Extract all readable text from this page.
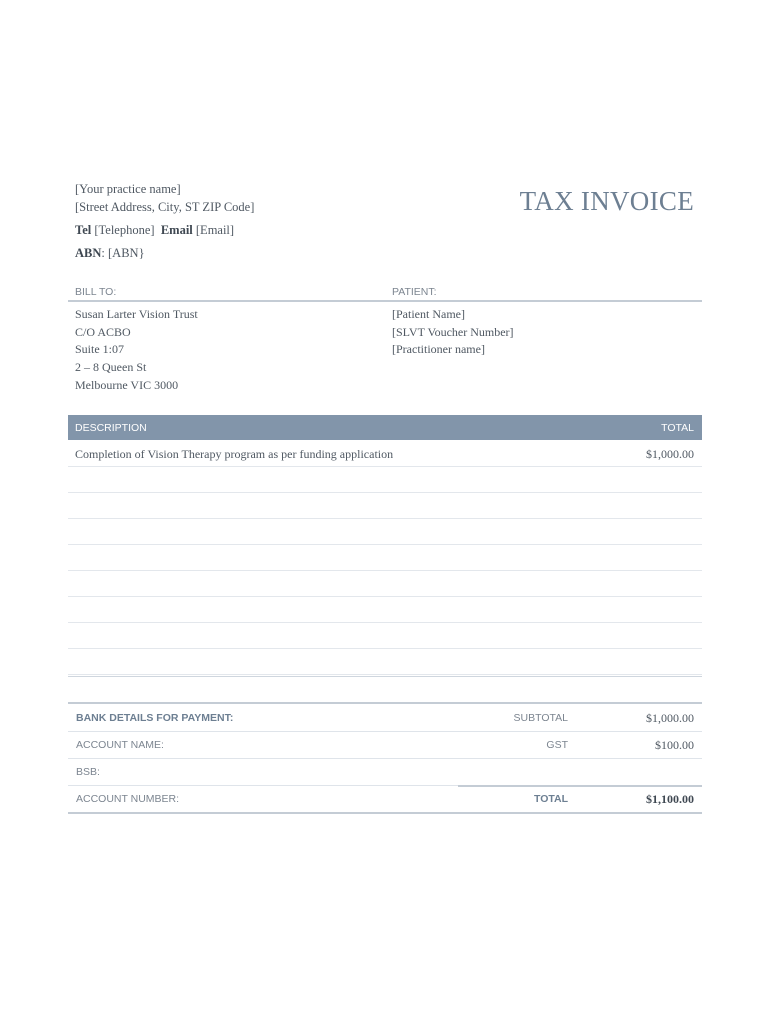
[Your practice name]
[Street Address, City, ST ZIP Code]
Tel [Telephone] Email [Email]
ABN: [ABN}
TAX INVOICE
BILL TO:	PATIENT:
Susan Larter Vision Trust
C/O ACBO
Suite 1:07
2 – 8 Queen St
Melbourne VIC 3000
[Patient Name]
[SLVT Voucher Number]
[Practitioner name]
DESCRIPTION	TOTAL
Completion of Vision Therapy program as per funding application	$1,000.00
BANK DETAILS FOR PAYMENT:	SUBTOTAL	$1,000.00
ACCOUNT NAME:	GST	$100.00
BSB:
ACCOUNT NUMBER:	TOTAL	$1,100.00
